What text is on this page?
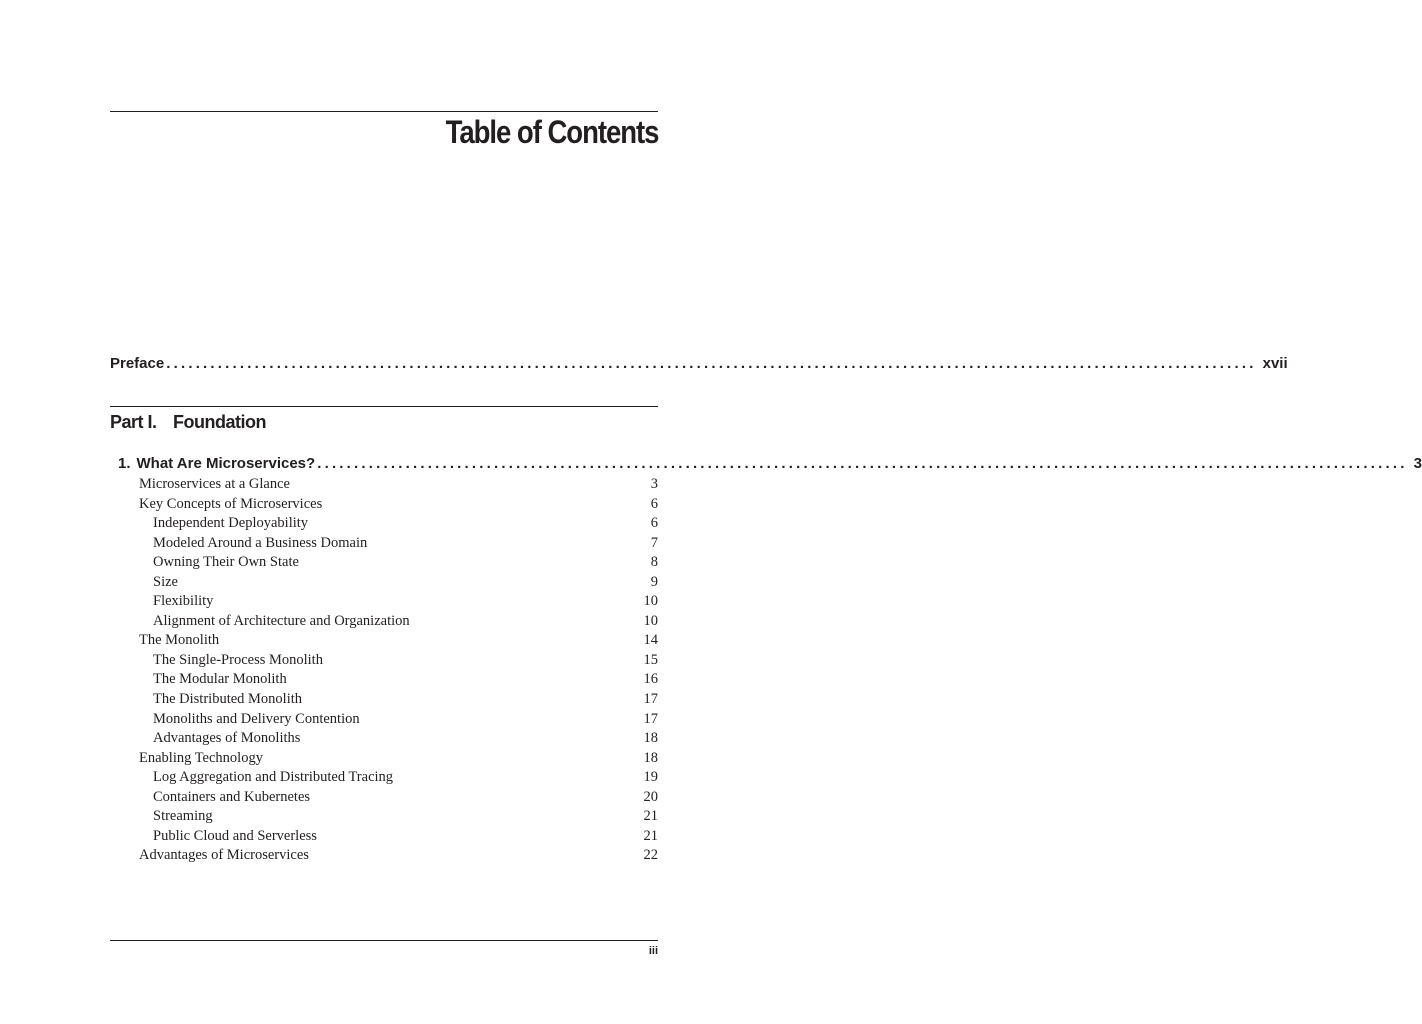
Table of Contents
Preface .................................................................................................................................................... xvii
Part I. Foundation
1. What Are Microservices? .................................................................................................................................................... 3
Microservices at a Glance	3
Key Concepts of Microservices	6
Independent Deployability	6
Modeled Around a Business Domain	7
Owning Their Own State	8
Size	9
Flexibility	10
Alignment of Architecture and Organization	10
The Monolith	14
The Single-Process Monolith	15
The Modular Monolith	16
The Distributed Monolith	17
Monoliths and Delivery Contention	17
Advantages of Monoliths	18
Enabling Technology	18
Log Aggregation and Distributed Tracing	19
Containers and Kubernetes	20
Streaming	21
Public Cloud and Serverless	21
Advantages of Microservices	22
iii
